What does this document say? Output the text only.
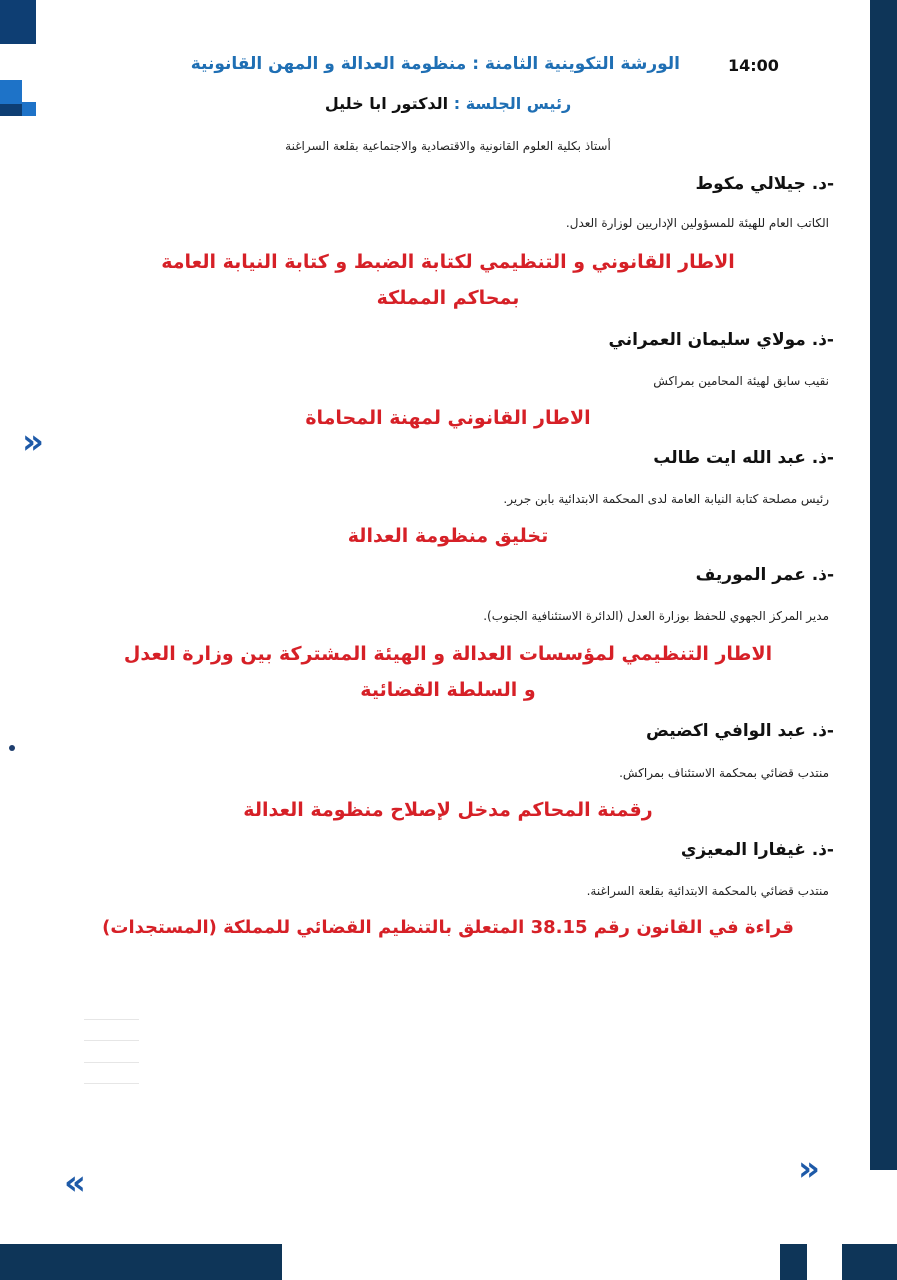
»
«	»
الورشة التكوينية الثامنة : منظومة العدالة و المهن القانونية	14:00
رئيس الجلسة : الدكتور ابا خليل
أستاذ بكلية العلوم القانونية والاقتصادية والاجتماعية بقلعة السراغنة
-د. جيلالي مكوط
الكاتب العام للهيئة للمسؤولين الإداريين لوزارة العدل.
الاطار القانوني و التنظيمي لكتابة الضبط و كتابة النيابة العامة
بمحاكم المملكة
-ذ. مولاي سليمان العمراني
نقيب سابق لهيئة المحامين بمراكش
الاطار القانوني لمهنة المحاماة
-ذ. عبد الله ايت طالب
رئيس مصلحة كتابة النيابة العامة لدى المحكمة الابتدائية بابن جرير.
تخليق منظومة العدالة
-ذ. عمر الموريف
مدير المركز الجهوي للحفظ بوزارة العدل (الدائرة الاستئنافية الجنوب).
الاطار التنظيمي لمؤسسات العدالة و الهيئة المشتركة بين وزارة العدل
و السلطة القضائية
-ذ. عبد الوافي اكضيض
منتدب قضائي بمحكمة الاستئناف بمراكش.
رقمنة المحاكم مدخل لإصلاح منظومة العدالة
-ذ. غيفارا المعيزي
منتدب قضائي بالمحكمة الابتدائية بقلعة السراغنة.
قراءة في القانون رقم 38.15 المتعلق بالتنظيم القضائي للمملكة (المستجدات)
